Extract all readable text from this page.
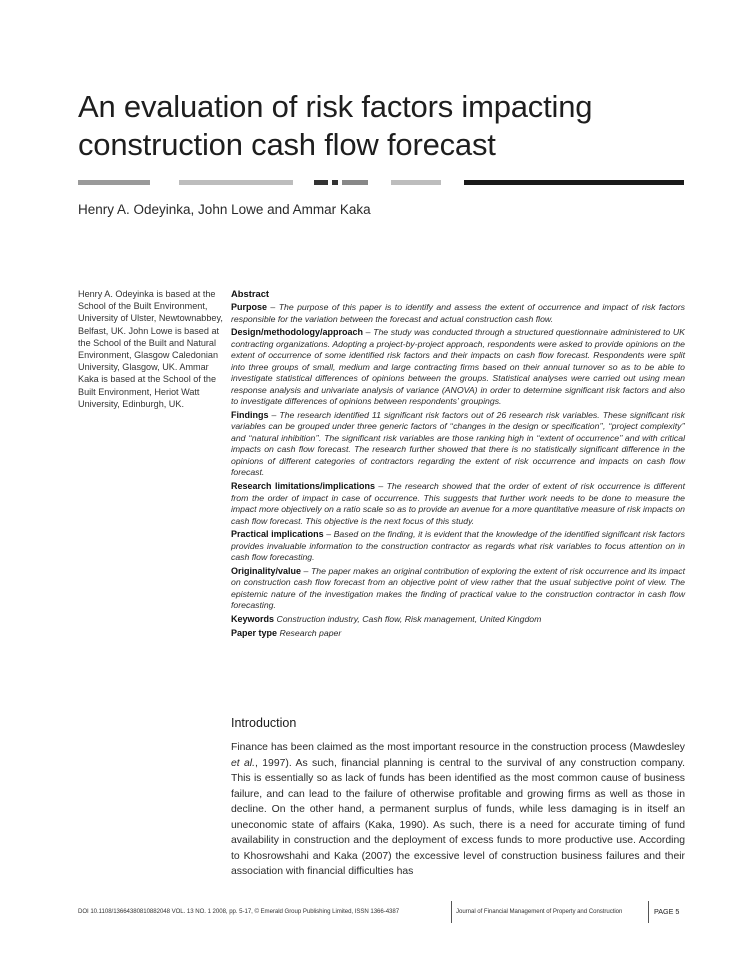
An evaluation of risk factors impacting construction cash flow forecast

Henry A. Odeyinka, John Lowe and Ammar Kaka

Henry A. Odeyinka is based at the School of the Built Environment, University of Ulster, Newtownabbey, Belfast, UK. John Lowe is based at the School of the Built and Natural Environment, Glasgow Caledonian University, Glasgow, UK. Ammar Kaka is based at the School of the Built Environment, Heriot Watt University, Edinburgh, UK.

Abstract

Purpose – The purpose of this paper is to identify and assess the extent of occurrence and impact of risk factors responsible for the variation between the forecast and actual construction cash flow.

Design/methodology/approach – The study was conducted through a structured questionnaire administered to UK contracting organizations. Adopting a project-by-project approach, respondents were asked to provide opinions on the extent of occurrence of some identified risk factors and their impacts on cash flow forecast. Respondents were split into three groups of small, medium and large contracting firms based on their annual turnover so as to be able to investigate statistical differences of opinions between the groups. Statistical analyses were carried out using mean response analysis and univariate analysis of variance (ANOVA) in order to determine significant risk factors and also to investigate differences of opinions between respondents’ groupings.

Findings – The research identified 11 significant risk factors out of 26 research risk variables. These significant risk variables can be grouped under three generic factors of ‘‘changes in the design or specification’’, ‘‘project complexity’’ and ‘‘natural inhibition’’. The significant risk variables are those ranking high in ‘‘extent of occurrence’’ and with critical impacts on cash flow forecast. The research further showed that there is no statistically significant difference in the opinions of different categories of contractors regarding the extent of risk occurrence and impacts on cash flow forecast.

Research limitations/implications – The research showed that the order of extent of risk occurrence is different from the order of impact in case of occurrence. This suggests that further work needs to be done to measure the impact more objectively on a ratio scale so as to provide an avenue for a more quantitative measure of risk impacts on cash flow forecast. This objective is the next focus of this study.

Practical implications – Based on the finding, it is evident that the knowledge of the identified significant risk factors provides invaluable information to the construction contractor as regards what risk variables to focus attention on in cash flow forecasting.

Originality/value – The paper makes an original contribution of exploring the extent of risk occurrence and its impact on construction cash flow forecast from an objective point of view rather that the usual subjective point of view. The epistemic nature of the investigation makes the finding of practical value to the construction contractor in cash flow forecasting.

Keywords Construction industry, Cash flow, Risk management, United Kingdom

Paper type Research paper

Introduction

Finance has been claimed as the most important resource in the construction process (Mawdesley et al., 1997). As such, financial planning is central to the survival of any construction company. This is essentially so as lack of funds has been identified as the most common cause of business failure, and can lead to the failure of otherwise profitable and growing firms as well as those in decline. On the other hand, a permanent surplus of funds, while less damaging is in itself an uneconomic state of affairs (Kaka, 1990). As such, there is a need for accurate timing of fund availability in construction and the deployment of excess funds to more productive use. According to Khosrowshahi and Kaka (2007) the excessive level of construction business failures and their association with financial difficulties has

DOI 10.1108/13664380810882048 VOL. 13 NO. 1 2008, pp. 5-17, © Emerald Group Publishing Limited, ISSN 1366-4387	Journal of Financial Management of Property and Construction	PAGE 5
